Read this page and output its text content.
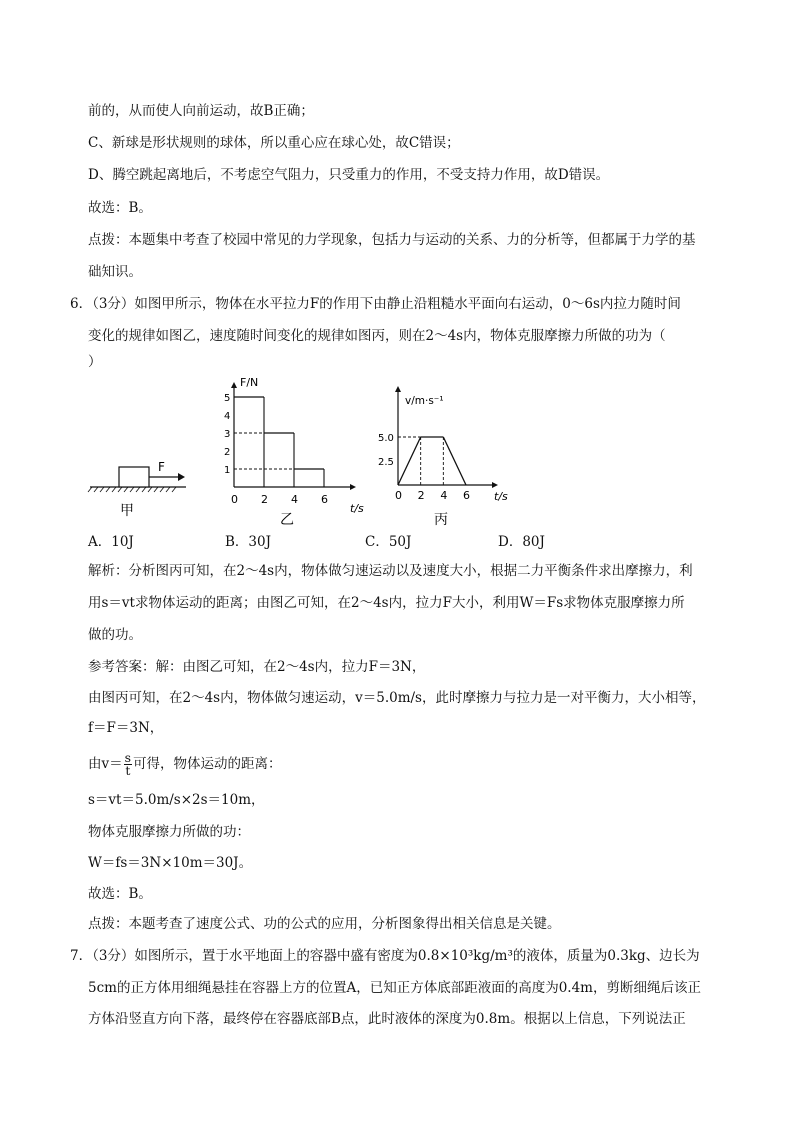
前的，从而使人向前运动，故B正确；
C、新球是形状规则的球体，所以重心应在球心处，故C错误；
D、腾空跳起离地后，不考虑空气阻力，只受重力的作用，不受支持力作用，故D错误。
故选：B。
点拨：本题集中考查了校园中常见的力学现象，包括力与运动的关系、力的分析等，但都属于力学的基
础知识。
6．（3分）如图甲所示，物体在水平拉力F的作用下由静止沿粗糙水平面向右运动，0～6s内拉力随时间
变化的规律如图乙，速度随时间变化的规律如图丙，则在2～4s内，物体克服摩擦力所做的功为（
）
F
甲
F/N
t/s
1
2
3
4
5
0 2 4 6
乙
v/m·s⁻¹
t/s
2.5
5.0
0 2 4 6
丙
A．10J	B．30J	C．50J	D．80J
解析：分析图丙可知，在2～4s内，物体做匀速运动以及速度大小，根据二力平衡条件求出摩擦力，利
用s＝vt求物体运动的距离；由图乙可知，在2～4s内，拉力F大小，利用W＝Fs求物体克服摩擦力所
做的功。
参考答案：解：由图乙可知，在2～4s内，拉力F＝3N，
由图丙可知，在2～4s内，物体做匀速运动，v＝5.0m/s，此时摩擦力与拉力是一对平衡力，大小相等，
f＝F＝3N，
由$v= \frac{s}{t}$ 可得，物体运动的距离：
s＝vt＝5.0m/s×2s＝10m，
物体克服摩擦力所做的功：
W＝fs＝3N×10m＝30J。
故选：B。
点拨：本题考查了速度公式、功的公式的应用，分析图象得出相关信息是关键。
7．（3分）如图所示，置于水平地面上的容器中盛有密度为0.8×10³kg/m³的液体，质量为0.3kg、边长为
5cm的正方体用细绳悬挂在容器上方的位置A，已知正方体底部距液面的高度为0.4m，剪断细绳后该正
方体沿竖直方向下落，最终停在容器底部B点，此时液体的深度为0.8m。根据以上信息，下列说法正
